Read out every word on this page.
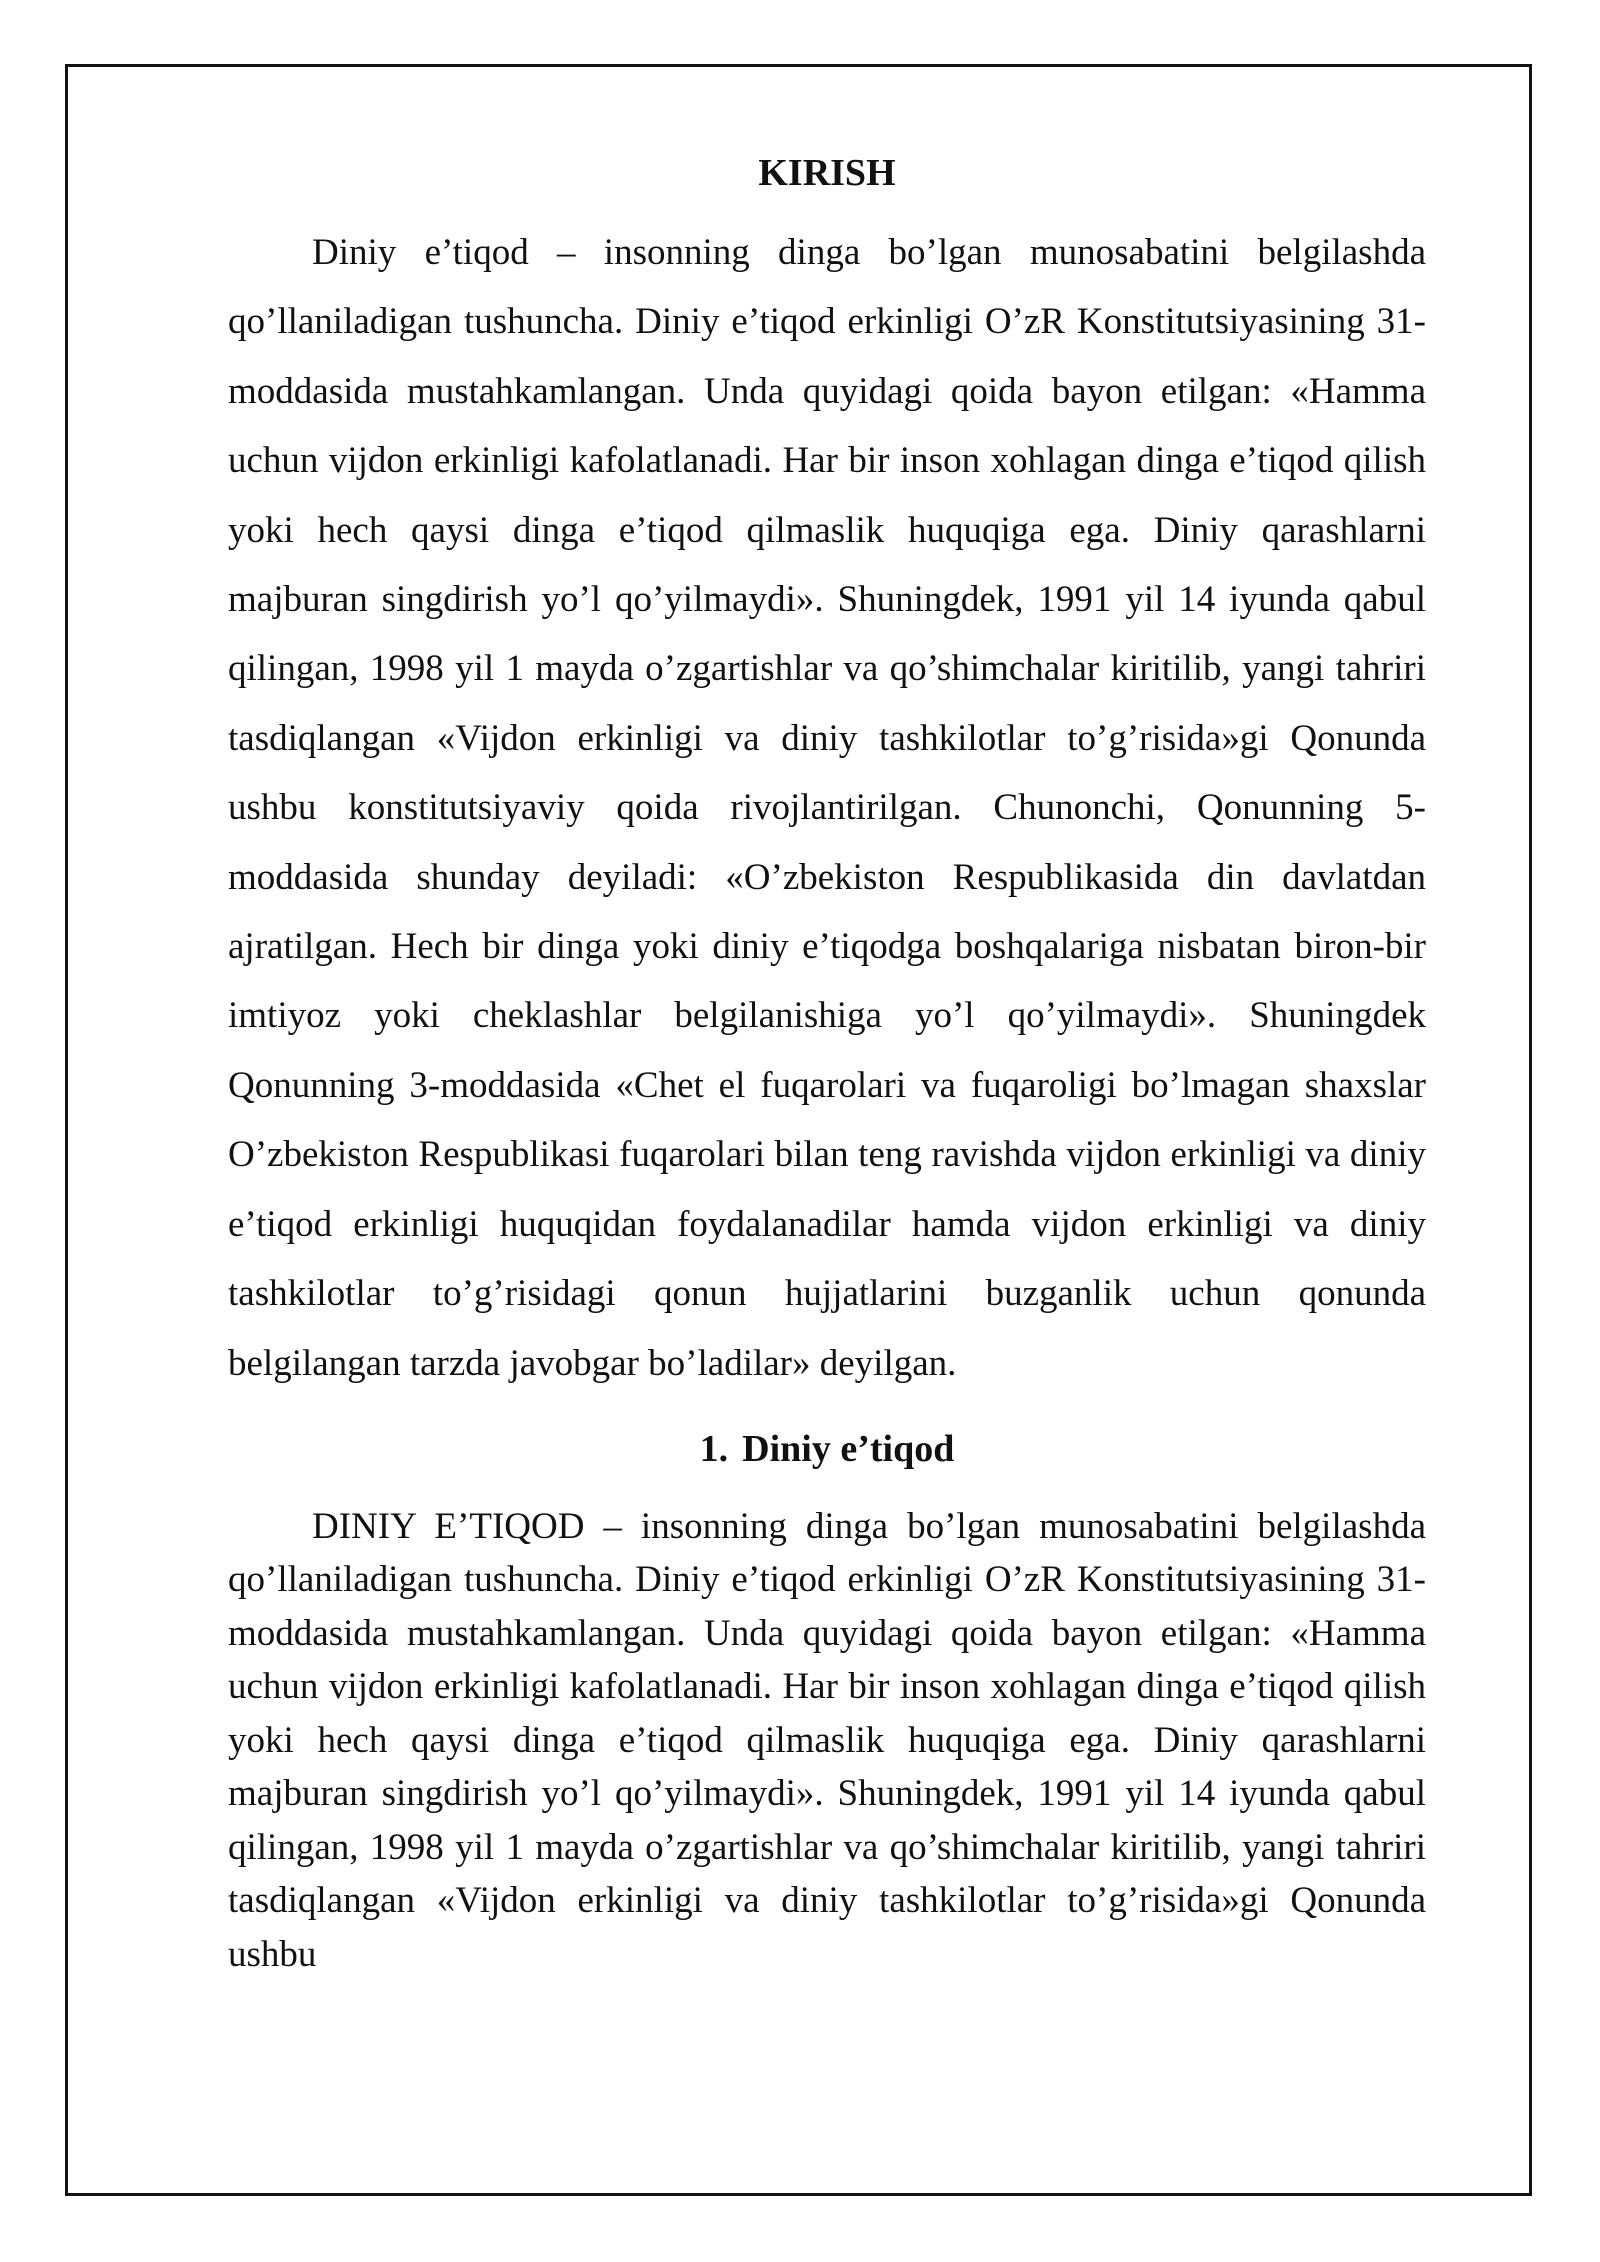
KIRISH

Diniy e’tiqod – insonning dinga bo’lgan munosabatini belgilashda qo’llaniladigan tushuncha. Diniy e’tiqod erkinligi O’zR Konstitutsiyasining 31-moddasida mustahkamlangan. Unda quyidagi qoida bayon etilgan: «Hamma uchun vijdon erkinligi kafolatlanadi. Har bir inson xohlagan dinga e’tiqod qilish yoki hech qaysi dinga e’tiqod qilmaslik huquqiga ega. Diniy qarashlarni majburan singdirish yo’l qo’yilmaydi». Shuningdek, 1991 yil 14 iyunda qabul qilingan, 1998 yil 1 mayda o’zgartishlar va qo’shimchalar kiritilib, yangi tahriri tasdiqlangan «Vijdon erkinligi va diniy tashkilotlar to’g’risida»gi Qonunda ushbu konstitutsiyaviy qoida rivojlantirilgan. Chunonchi, Qonunning 5-moddasida shunday deyiladi: «O’zbekiston Respublikasida din davlatdan ajratilgan. Hech bir dinga yoki diniy e’tiqodga boshqalariga nisbatan biron-bir imtiyoz yoki cheklashlar belgilanishiga yo’l qo’yilmaydi». Shuningdek Qonunning 3-moddasida «Chet el fuqarolari va fuqaroligi bo’lmagan shaxslar O’zbekiston Respublikasi fuqarolari bilan teng ravishda vijdon erkinligi va diniy e’tiqod erkinligi huquqidan foydalanadilar hamda vijdon erkinligi va diniy tashkilotlar to’g’risidagi qonun hujjatlarini buzganlik uchun qonunda belgilangan tarzda javobgar bo’ladilar» deyilgan.

1. Diniy e’tiqod

DINIY E’TIQOD – insonning dinga bo’lgan munosabatini belgilashda qo’llaniladigan tushuncha. Diniy e’tiqod erkinligi O’zR Konstitutsiyasining 31-moddasida mustahkamlangan. Unda quyidagi qoida bayon etilgan: «Hamma uchun vijdon erkinligi kafolatlanadi. Har bir inson xohlagan dinga e’tiqod qilish yoki hech qaysi dinga e’tiqod qilmaslik huquqiga ega. Diniy qarashlarni majburan singdirish yo’l qo’yilmaydi». Shuningdek, 1991 yil 14 iyunda qabul qilingan, 1998 yil 1 mayda o’zgartishlar va qo’shimchalar kiritilib, yangi tahriri tasdiqlangan «Vijdon erkinligi va diniy tashkilotlar to’g’risida»gi Qonunda ushbu
